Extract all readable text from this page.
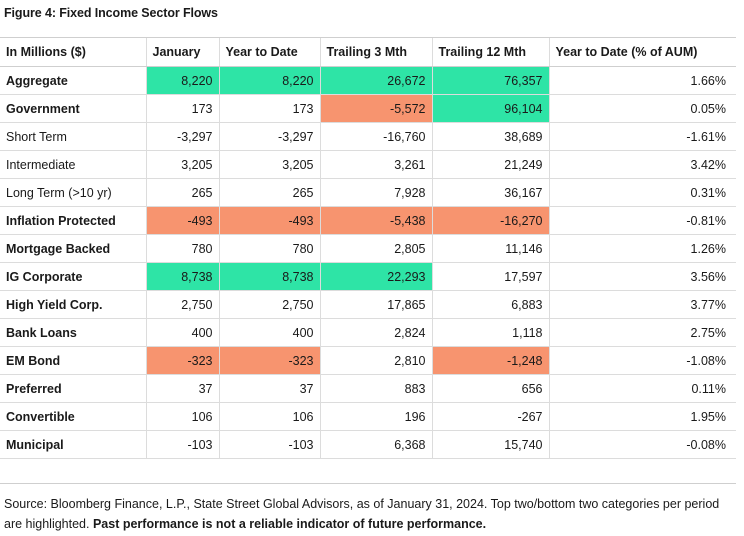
Figure 4: Fixed Income Sector Flows
In Millions ($)	January	Year to Date	Trailing 3 Mth	Trailing 12 Mth	Year to Date (% of AUM)
Aggregate	8,220	8,220	26,672	76,357	1.66%
Government	173	173	-5,572	96,104	0.05%
Short Term	-3,297	-3,297	-16,760	38,689	-1.61%
Intermediate	3,205	3,205	3,261	21,249	3.42%
Long Term (>10 yr)	265	265	7,928	36,167	0.31%
Inflation Protected	-493	-493	-5,438	-16,270	-0.81%
Mortgage Backed	780	780	2,805	11,146	1.26%
IG Corporate	8,738	8,738	22,293	17,597	3.56%
High Yield Corp.	2,750	2,750	17,865	6,883	3.77%
Bank Loans	400	400	2,824	1,118	2.75%
EM Bond	-323	-323	2,810	-1,248	-1.08%
Preferred	37	37	883	656	0.11%
Convertible	106	106	196	-267	1.95%
Municipal	-103	-103	6,368	15,740	-0.08%
Source: Bloomberg Finance, L.P., State Street Global Advisors, as of January 31, 2024. Top two/bottom two categories per period are highlighted. Past performance is not a reliable indicator of future performance.
